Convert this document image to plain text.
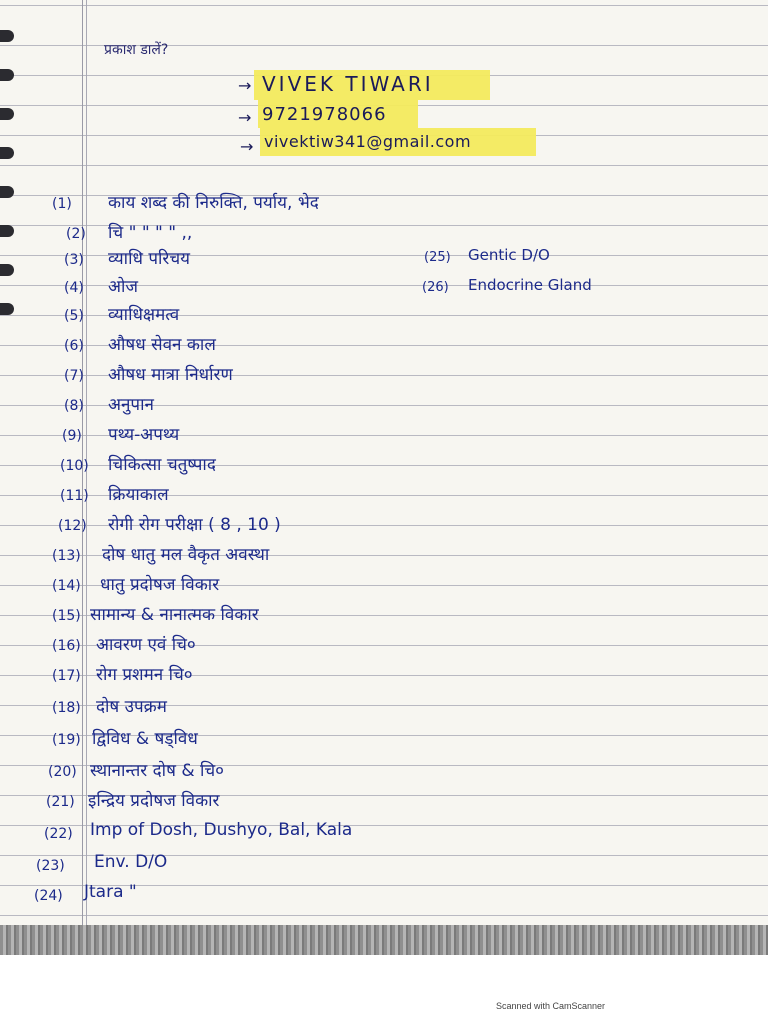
प्रकाश डालें?
→ VIVEK TIWARI
→ 9721978066
→ vivektiw341@gmail.com
(1) काय शब्द की निरुक्ति, पर्याय, भेद
(2) चि " " " " ,,
(3) व्याधि परिचय
(4) ओज
(5) व्याधिक्षमत्व
(6) औषध सेवन काल
(7) औषध मात्रा निर्धारण
(8) अनुपान
(9) पथ्य-अपथ्य
(10) चिकित्सा चतुष्पाद
(11) क्रियाकाल
(12) रोगी रोग परीक्षा ( 8 , 10 )
(13) दोष धातु मल वैकृत अवस्था
(14) धातु प्रदोषज विकार
(15) सामान्य & नानात्मक विकार
(16) आवरण एवं चि०
(17) रोग प्रशमन चि०
(18) दोष उपक्रम
(19) द्विविध & षड्विध
(20) स्थानान्तर दोष & चि०
(21) इन्द्रिय प्रदोषज विकार
(22) Imp of Dosh, Dushyo, Bal, Kala
(23) Env. D/O
(24) Jtara "
(25) Gentic D/O
(26) Endocrine Gland
Scanned with CamScanner
